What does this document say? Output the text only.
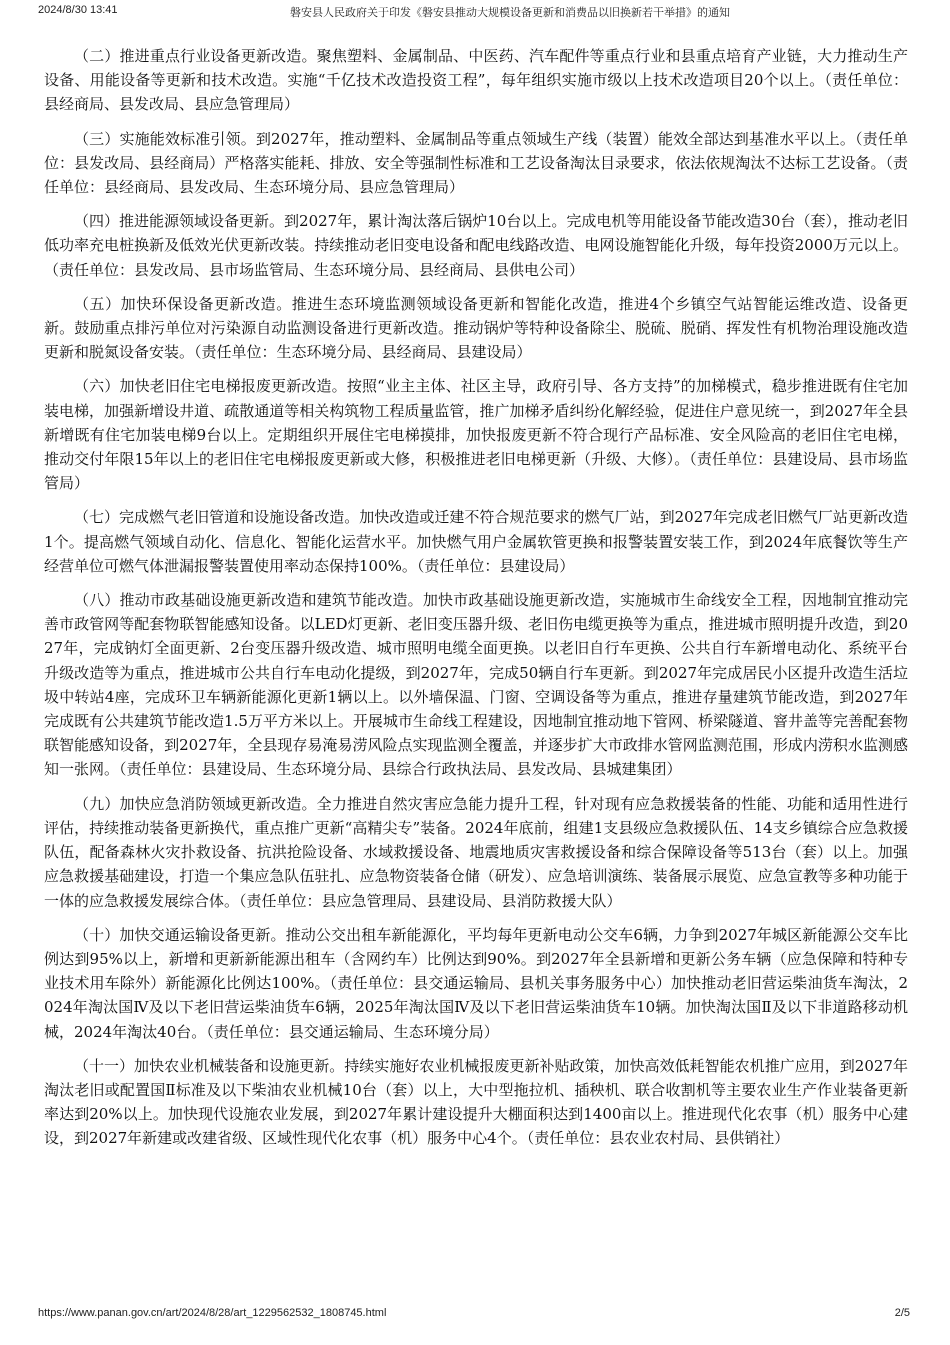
2024/8/30 13:41	磐安县人民政府关于印发《磐安县推动大规模设备更新和消费品以旧换新若干举措》的通知

（二）推进重点行业设备更新改造。聚焦塑料、金属制品、中医药、汽车配件等重点行业和县重点培育产业链，大力推动生产设备、用能设备等更新和技术改造。实施“千亿技术改造投资工程”，每年组织实施市级以上技术改造项目20个以上。（责任单位：县经商局、县发改局、县应急管理局）

（三）实施能效标准引领。到2027年，推动塑料、金属制品等重点领域生产线（装置）能效全部达到基准水平以上。（责任单位：县发改局、县经商局）严格落实能耗、排放、安全等强制性标准和工艺设备淘汰目录要求，依法依规淘汰不达标工艺设备。（责任单位：县经商局、县发改局、生态环境分局、县应急管理局）

（四）推进能源领域设备更新。到2027年，累计淘汰落后锅炉10台以上。完成电机等用能设备节能改造30台（套），推动老旧低功率充电桩换新及低效光伏更新改装。持续推动老旧变电设备和配电线路改造、电网设施智能化升级，每年投资2000万元以上。（责任单位：县发改局、县市场监管局、生态环境分局、县经商局、县供电公司）

（五）加快环保设备更新改造。推进生态环境监测领域设备更新和智能化改造，推进4个乡镇空气站智能运维改造、设备更新。鼓励重点排污单位对污染源自动监测设备进行更新改造。推动锅炉等特种设备除尘、脱硫、脱硝、挥发性有机物治理设施改造更新和脱氮设备安装。（责任单位：生态环境分局、县经商局、县建设局）

（六）加快老旧住宅电梯报废更新改造。按照“业主主体、社区主导，政府引导、各方支持”的加梯模式，稳步推进既有住宅加装电梯，加强新增设井道、疏散通道等相关构筑物工程质量监管，推广加梯矛盾纠纷化解经验，促进住户意见统一，到2027年全县新增既有住宅加装电梯9台以上。定期组织开展住宅电梯摸排，加快报废更新不符合现行产品标准、安全风险高的老旧住宅电梯，推动交付年限15年以上的老旧住宅电梯报废更新或大修，积极推进老旧电梯更新（升级、大修）。（责任单位：县建设局、县市场监管局）

（七）完成燃气老旧管道和设施设备改造。加快改造或迁建不符合规范要求的燃气厂站，到2027年完成老旧燃气厂站更新改造1个。提高燃气领域自动化、信息化、智能化运营水平。加快燃气用户金属软管更换和报警装置安装工作，到2024年底餐饮等生产经营单位可燃气体泄漏报警装置使用率动态保持100%。（责任单位：县建设局）

（八）推动市政基础设施更新改造和建筑节能改造。加快市政基础设施更新改造，实施城市生命线安全工程，因地制宜推动完善市政管网等配套物联智能感知设备。以LED灯更新、老旧变压器升级、老旧伤电缆更换等为重点，推进城市照明提升改造，到2027年，完成钠灯全面更新、2台变压器升级改造、城市照明电缆全面更换。以老旧自行车更换、公共自行车新增电动化、系统平台升级改造等为重点，推进城市公共自行车电动化提级，到2027年，完成50辆自行车更新。到2027年完成居民小区提升改造生活垃圾中转站4座，完成环卫车辆新能源化更新1辆以上。以外墙保温、门窗、空调设备等为重点，推进存量建筑节能改造，到2027年完成既有公共建筑节能改造1.5万平方米以上。开展城市生命线工程建设，因地制宜推动地下管网、桥梁隧道、窨井盖等完善配套物联智能感知设备，到2027年，全县现存易淹易涝风险点实现监测全覆盖，并逐步扩大市政排水管网监测范围，形成内涝积水监测感知一张网。（责任单位：县建设局、生态环境分局、县综合行政执法局、县发改局、县城建集团）

（九）加快应急消防领域更新改造。全力推进自然灾害应急能力提升工程，针对现有应急救援装备的性能、功能和适用性进行评估，持续推动装备更新换代，重点推广更新“高精尖专”装备。2024年底前，组建1支县级应急救援队伍、14支乡镇综合应急救援队伍，配备森林火灾扑救设备、抗洪抢险设备、水域救援设备、地震地质灾害救援设备和综合保障设备等513台（套）以上。加强应急救援基础建设，打造一个集应急队伍驻扎、应急物资装备仓储（研发）、应急培训演练、装备展示展览、应急宣教等多种功能于一体的应急救援发展综合体。（责任单位：县应急管理局、县建设局、县消防救援大队）

（十）加快交通运输设备更新。推动公交出租车新能源化，平均每年更新电动公交车6辆，力争到2027年城区新能源公交车比例达到95%以上，新增和更新新能源出租车（含网约车）比例达到90%。到2027年全县新增和更新公务车辆（应急保障和特种专业技术用车除外）新能源化比例达100%。（责任单位：县交通运输局、县机关事务服务中心）加快推动老旧营运柴油货车淘汰，2024年淘汰国Ⅳ及以下老旧营运柴油货车6辆，2025年淘汰国Ⅳ及以下老旧营运柴油货车10辆。加快淘汰国Ⅱ及以下非道路移动机械，2024年淘汰40台。（责任单位：县交通运输局、生态环境分局）

（十一）加快农业机械装备和设施更新。持续实施好农业机械报废更新补贴政策，加快高效低耗智能农机推广应用，到2027年淘汰老旧或配置国Ⅱ标准及以下柴油农业机械10台（套）以上，大中型拖拉机、插秧机、联合收割机等主要农业生产作业装备更新率达到20%以上。加快现代设施农业发展，到2027年累计建设提升大棚面积达到1400亩以上。推进现代化农事（机）服务中心建设，到2027年新建或改建省级、区域性现代化农事（机）服务中心4个。（责任单位：县农业农村局、县供销社）

https://www.panan.gov.cn/art/2024/8/28/art_1229562532_1808745.html	2/5
